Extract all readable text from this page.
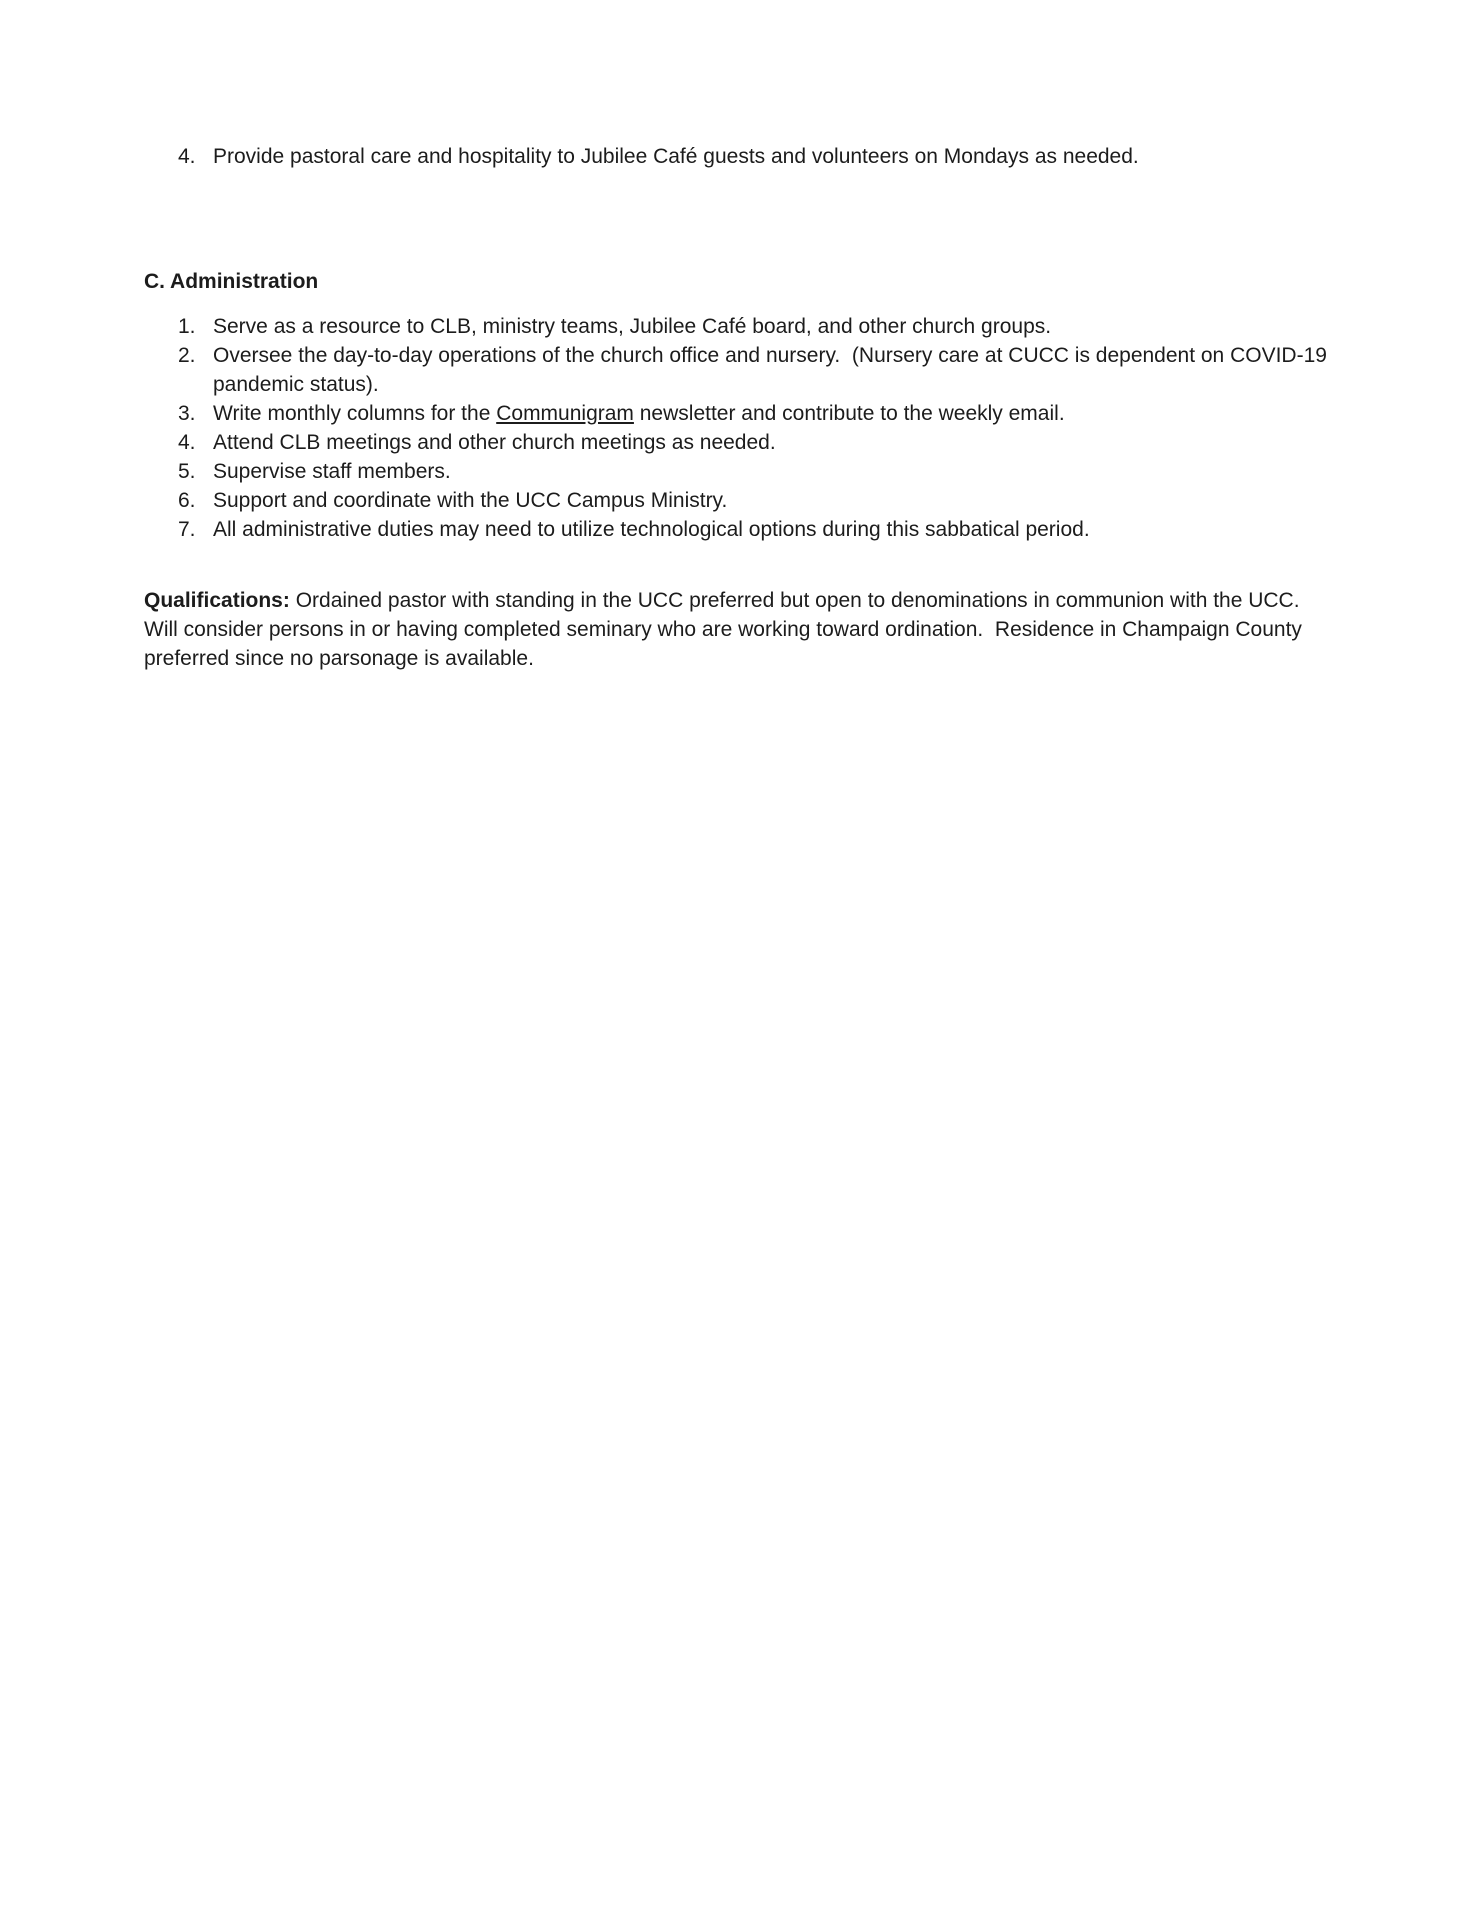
4. Provide pastoral care and hospitality to Jubilee Café guests and volunteers on Mondays as needed.
C. Administration
1. Serve as a resource to CLB, ministry teams, Jubilee Café board, and other church groups.
2. Oversee the day-to-day operations of the church office and nursery.  (Nursery care at CUCC is dependent on COVID-19 pandemic status).
3. Write monthly columns for the Communigram newsletter and contribute to the weekly email.
4. Attend CLB meetings and other church meetings as needed.
5. Supervise staff members.
6. Support and coordinate with the UCC Campus Ministry.
7. All administrative duties may need to utilize technological options during this sabbatical period.

Qualifications: Ordained pastor with standing in the UCC preferred but open to denominations in communion with the UCC. Will consider persons in or having completed seminary who are working toward ordination.  Residence in Champaign County preferred since no parsonage is available.
